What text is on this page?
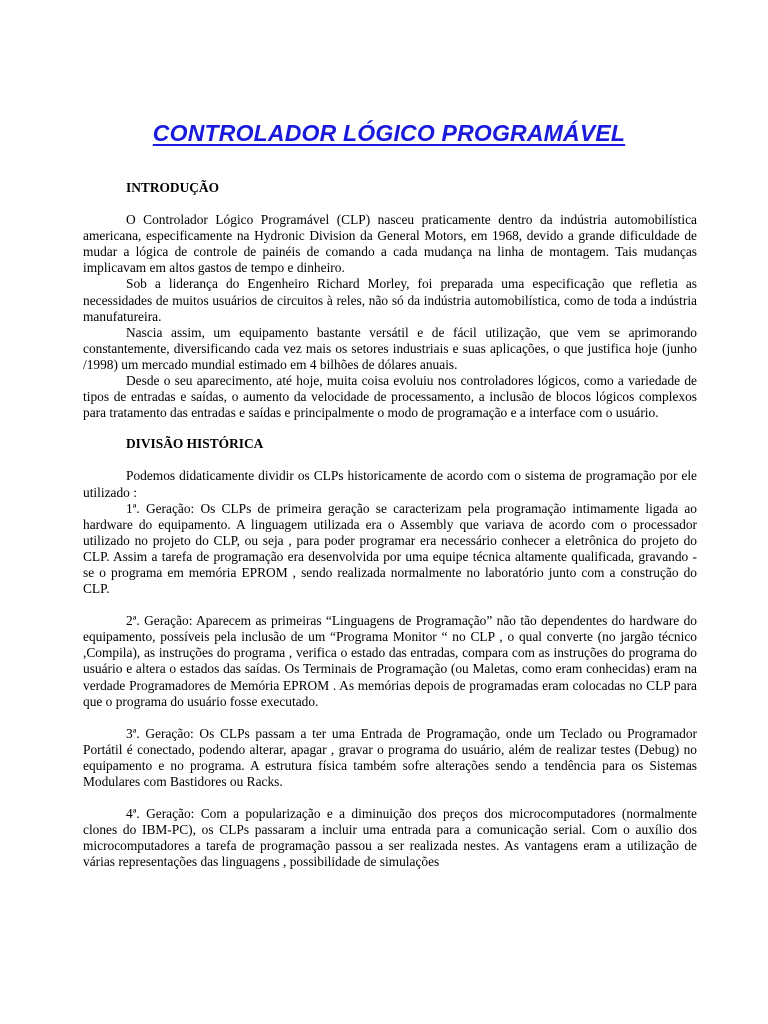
CONTROLADOR LÓGICO PROGRAMÁVEL
INTRODUÇÃO

O Controlador Lógico Programável (CLP) nasceu praticamente dentro da indústria automobilística americana, especificamente na Hydronic Division da General Motors, em 1968, devido a grande dificuldade de mudar a lógica de controle de painéis de comando a cada mudança na linha de montagem. Tais mudanças implicavam em altos gastos de tempo e dinheiro.

Sob a liderança do Engenheiro Richard Morley, foi preparada uma especificação que refletia as necessidades de muitos usuários de circuitos à reles, não só da indústria automobilística, como de toda a indústria manufatureira.

Nascia assim, um equipamento bastante versátil e de fácil utilização, que vem se aprimorando constantemente, diversificando cada vez mais os setores industriais e suas aplicações, o que justifica hoje (junho /1998) um mercado mundial estimado em 4 bilhões de dólares anuais.

Desde o seu aparecimento, até hoje, muita coisa evoluiu nos controladores lógicos, como a variedade de tipos de entradas e saídas, o aumento da velocidade de processamento, a inclusão de blocos lógicos complexos para tratamento das entradas e saídas e principalmente o modo de programação e a interface com o usuário.

DIVISÃO HISTÓRICA

Podemos didaticamente dividir os CLPs historicamente de acordo com o sistema de programação por ele utilizado :

1ª. Geração: Os CLPs de primeira geração se caracterizam pela programação intimamente ligada ao hardware do equipamento. A linguagem utilizada era o Assembly que variava de acordo com o processador utilizado no projeto do CLP, ou seja , para poder programar era necessário conhecer a eletrônica do projeto do CLP. Assim a tarefa de programação era desenvolvida por uma equipe técnica altamente qualificada, gravando - se o programa em memória EPROM , sendo realizada normalmente no laboratório junto com a construção do CLP.

2ª. Geração: Aparecem as primeiras “Linguagens de Programação” não tão dependentes do hardware do equipamento, possíveis pela inclusão de um “Programa Monitor “ no CLP , o qual converte (no jargão técnico ,Compila), as instruções do programa , verifica o estado das entradas, compara com as instruções do programa do usuário e altera o estados das saídas. Os Terminais de Programação (ou Maletas, como eram conhecidas) eram na verdade Programadores de Memória EPROM . As memórias depois de programadas eram colocadas no CLP para que o programa do usuário fosse executado.

3ª. Geração: Os CLPs passam a ter uma Entrada de Programação, onde um Teclado ou Programador Portátil é conectado, podendo alterar, apagar , gravar o programa do usuário, além de realizar testes (Debug) no equipamento e no programa. A estrutura física também sofre alterações sendo a tendência para os Sistemas Modulares com Bastidores ou Racks.

4ª. Geração: Com a popularização e a diminuição dos preços dos microcomputadores (normalmente clones do IBM-PC), os CLPs passaram a incluir uma entrada para a comunicação serial. Com o auxílio dos microcomputadores a tarefa de programação passou a ser realizada nestes. As vantagens eram a utilização de várias representações das linguagens , possibilidade de simulações
